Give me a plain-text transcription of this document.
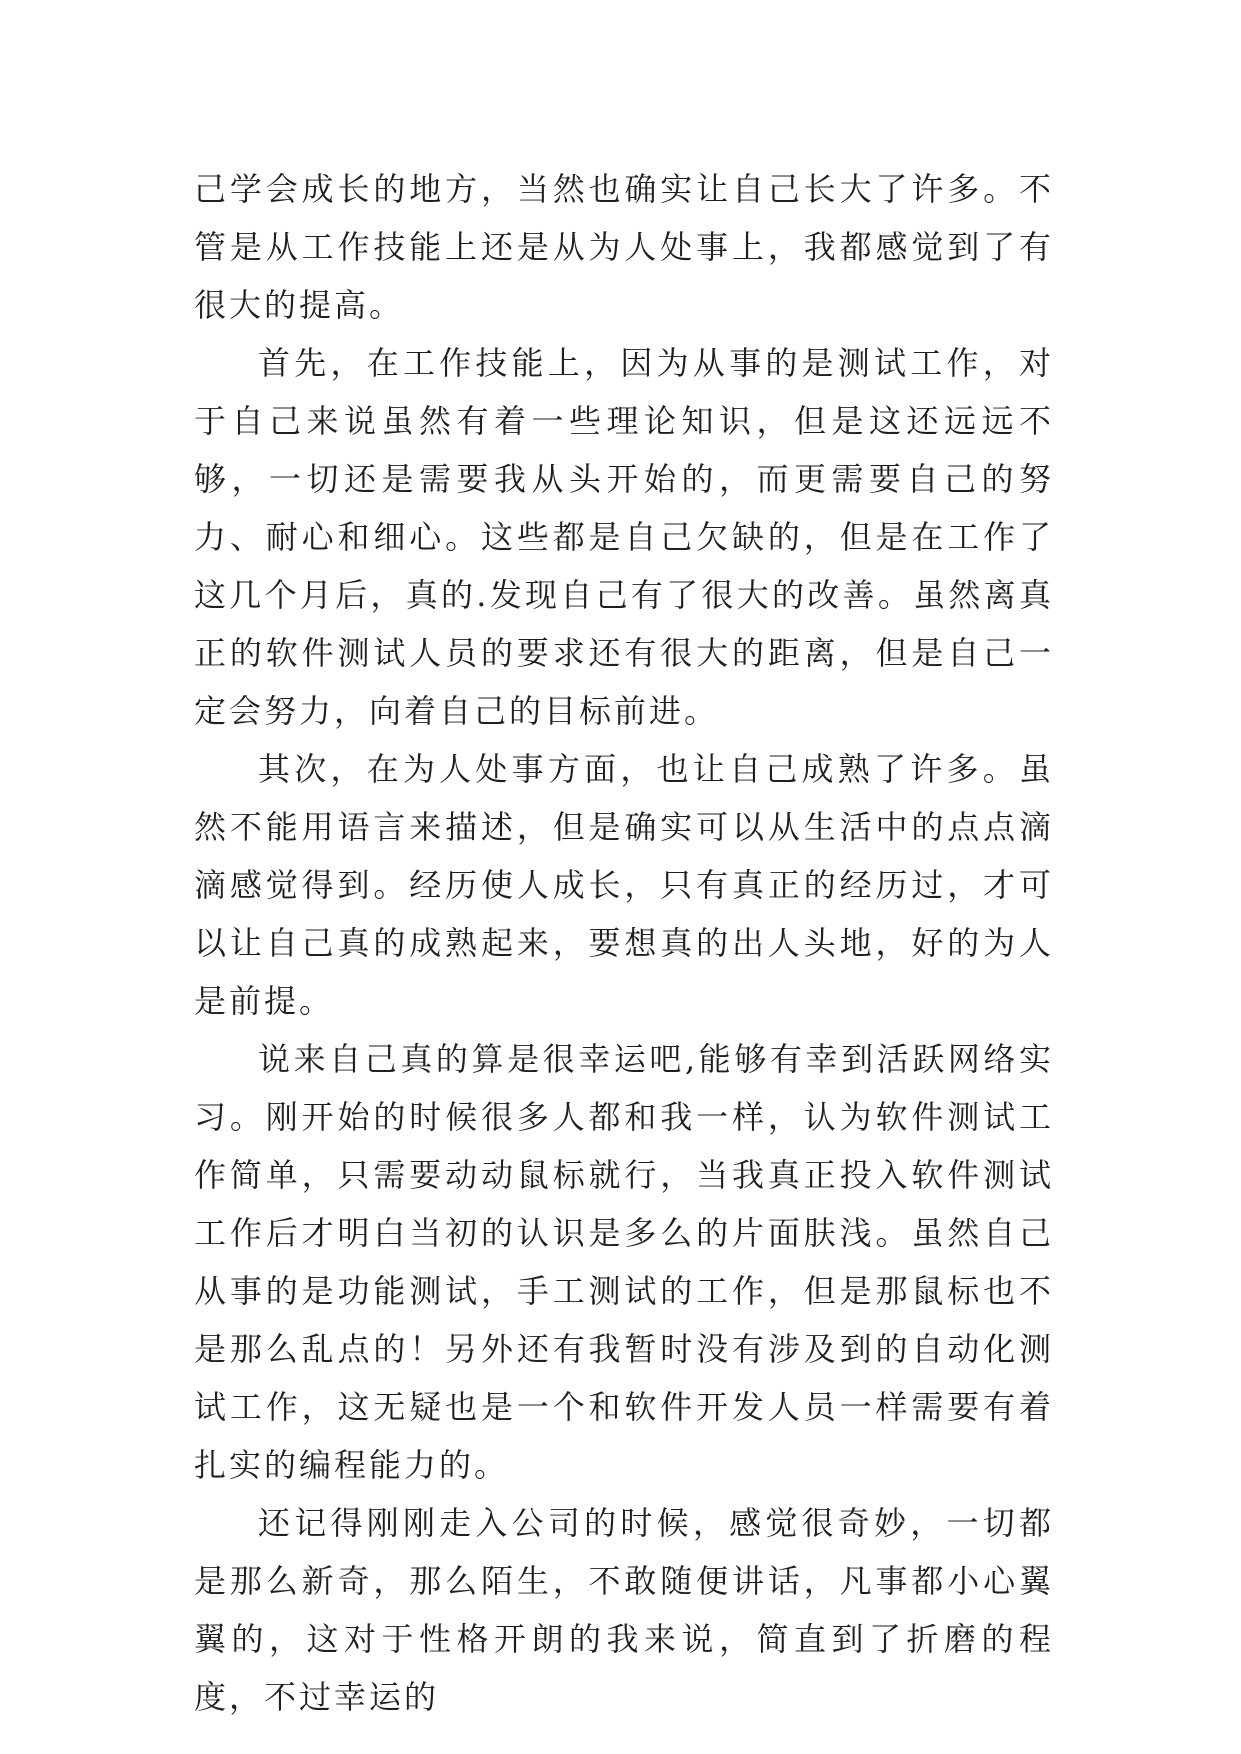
己学会成长的地方，当然也确实让自己长大了许多。不管是从工作技能上还是从为人处事上，我都感觉到了有很大的提高。

首先，在工作技能上，因为从事的是测试工作，对于自己来说虽然有着一些理论知识，但是这还远远不够，一切还是需要我从头开始的，而更需要自己的努力、耐心和细心。这些都是自己欠缺的，但是在工作了这几个月后，真的.发现自己有了很大的改善。虽然离真正的软件测试人员的要求还有很大的距离，但是自己一定会努力，向着自己的目标前进。

其次，在为人处事方面，也让自己成熟了许多。虽然不能用语言来描述，但是确实可以从生活中的点点滴滴感觉得到。经历使人成长，只有真正的经历过，才可以让自己真的成熟起来，要想真的出人头地，好的为人是前提。

说来自己真的算是很幸运吧,能够有幸到活跃网络实习。刚开始的时候很多人都和我一样，认为软件测试工作简单，只需要动动鼠标就行，当我真正投入软件测试工作后才明白当初的认识是多么的片面肤浅。虽然自己从事的是功能测试，手工测试的工作，但是那鼠标也不是那么乱点的！另外还有我暂时没有涉及到的自动化测试工作，这无疑也是一个和软件开发人员一样需要有着扎实的编程能力的。

还记得刚刚走入公司的时候，感觉很奇妙，一切都是那么新奇，那么陌生，不敢随便讲话，凡事都小心翼翼的，这对于性格开朗的我来说，简直到了折磨的程度，不过幸运的
